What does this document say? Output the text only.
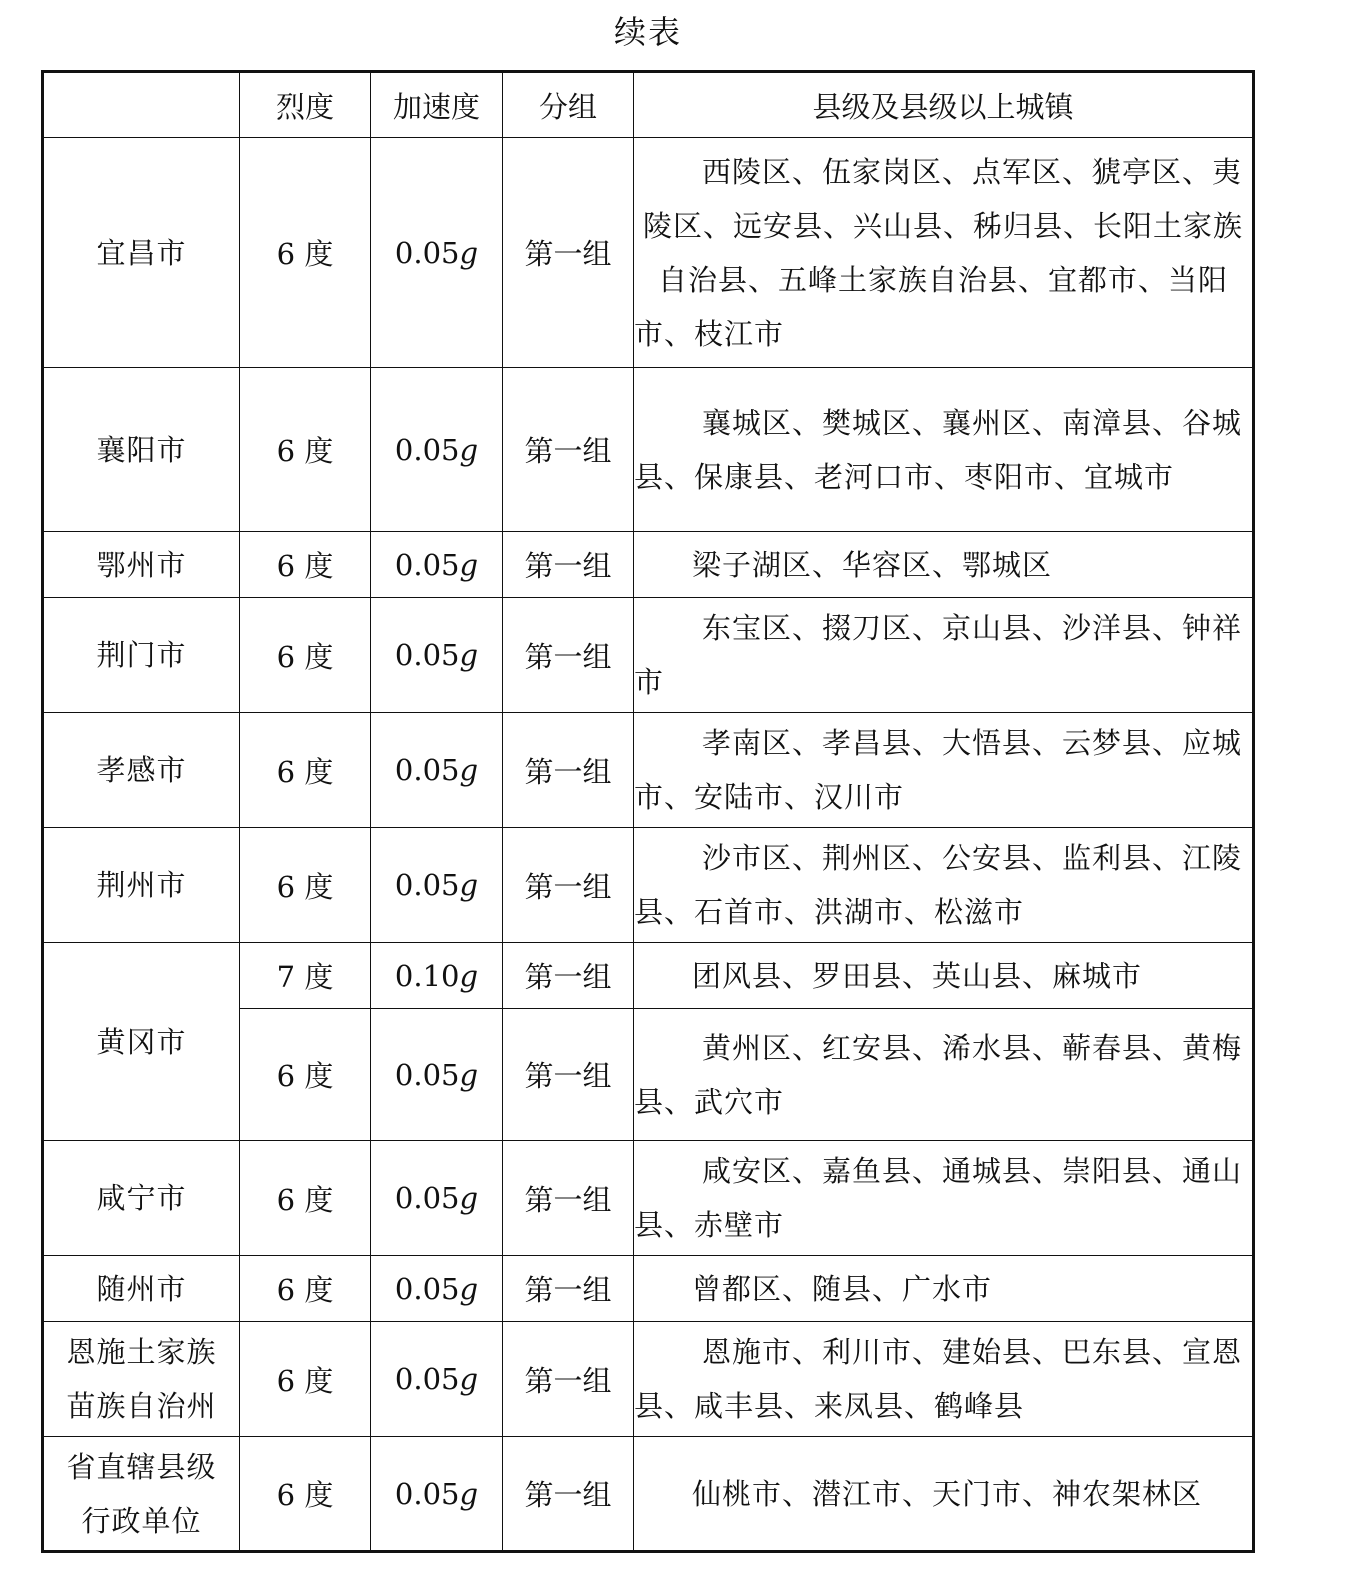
续表
	烈度	加速度	分组	县级及县级以上城镇
宜昌市	6 度	0.05g	第一组	西陵区、伍家岗区、点军区、猇亭区、夷陵区、远安县、兴山县、秭归县、长阳土家族自治县、五峰土家族自治县、宜都市、当阳市、枝江市

襄阳市	6 度	0.05g	第一组	襄城区、樊城区、襄州区、南漳县、谷城县、保康县、老河口市、枣阳市、宜城市

鄂州市	6 度	0.05g	第一组	梁子湖区、华容区、鄂城区

荆门市	6 度	0.05g	第一组	东宝区、掇刀区、京山县、沙洋县、钟祥市

孝感市	6 度	0.05g	第一组	孝南区、孝昌县、大悟县、云梦县、应城市、安陆市、汉川市

荆州市	6 度	0.05g	第一组	沙市区、荆州区、公安县、监利县、江陵县、石首市、洪湖市、松滋市

黄冈市	7 度	0.10g	第一组	团风县、罗田县、英山县、麻城市

	6 度	0.05g	第一组	黄州区、红安县、浠水县、蕲春县、黄梅县、武穴市

咸宁市	6 度	0.05g	第一组	咸安区、嘉鱼县、通城县、崇阳县、通山县、赤壁市

随州市	6 度	0.05g	第一组	曾都区、随县、广水市

恩施土家族苗族自治州	6 度	0.05g	第一组	恩施市、利川市、建始县、巴东县、宣恩县、咸丰县、来凤县、鹤峰县

省直辖县级行政单位	6 度	0.05g	第一组	仙桃市、潜江市、天门市、神农架林区
